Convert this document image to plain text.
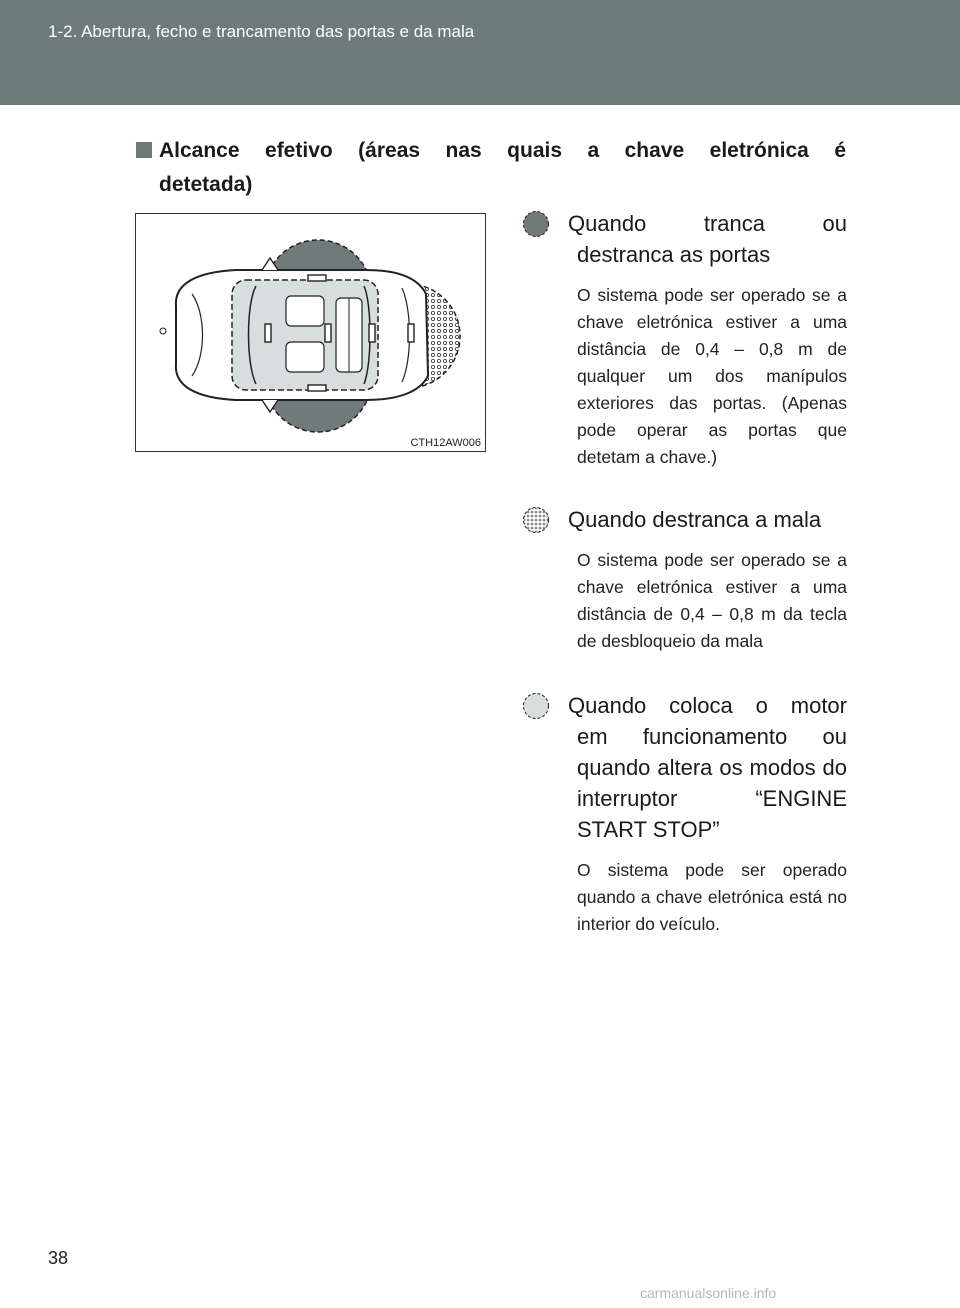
1-2. Abertura, fecho e trancamento das portas e da mala
Alcance efetivo (áreas nas quais a chave eletrónica é
detetada)
CTH12AW006
Quando tranca ou
destranca as portas
O sistema pode ser operado se a chave eletrónica estiver a uma distância de 0,4 – 0,8 m de qualquer um dos manípulos exteriores das portas. (Apenas pode operar as portas que detetam a chave.)
Quando destranca a mala
O sistema pode ser operado se a chave eletrónica estiver a uma distância de 0,4 – 0,8 m da tecla de desbloqueio da mala
Quando coloca o motor
em funcionamento ou quando altera os modos do interruptor “ENGINE START STOP”
O sistema pode ser operado quando a chave eletrónica está no interior do veículo.
38
carmanualsonline.info
